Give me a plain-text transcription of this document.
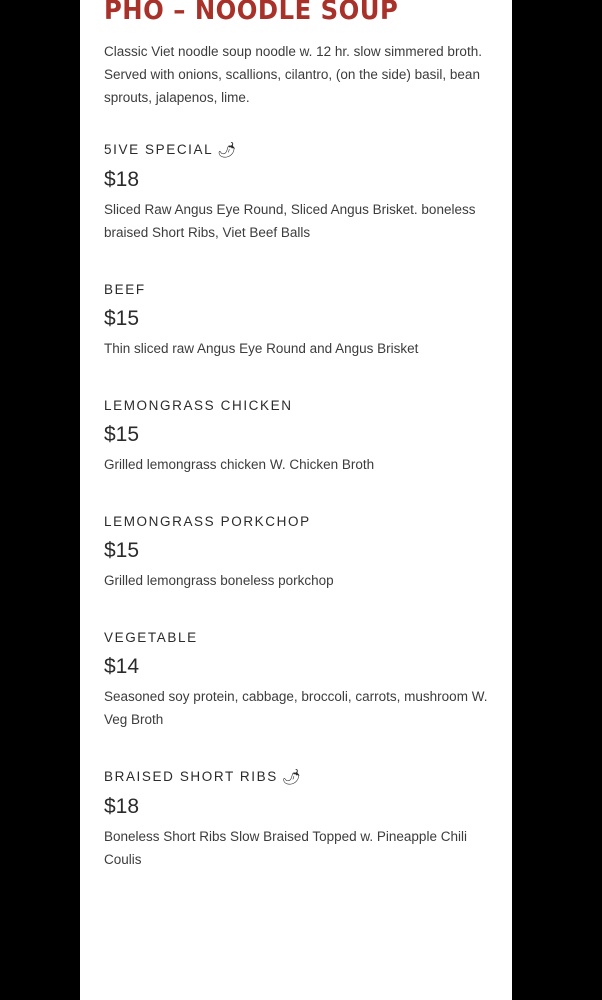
PHO – NOODLE SOUP

Classic Viet noodle soup noodle w. 12 hr. slow simmered broth. Served with onions, scallions, cilantro, (on the side) basil, bean sprouts, jalapenos, lime.

5IVE SPECIAL 🌶

$18

Sliced Raw Angus Eye Round, Sliced Angus Brisket. boneless braised Short Ribs, Viet Beef Balls

BEEF

$15

Thin sliced raw Angus Eye Round and Angus Brisket

LEMONGRASS CHICKEN

$15

Grilled lemongrass chicken W. Chicken Broth

LEMONGRASS PORKCHOP

$15

Grilled lemongrass boneless porkchop

VEGETABLE

$14

Seasoned soy protein, cabbage, broccoli, carrots, mushroom W. Veg Broth

BRAISED SHORT RIBS 🌶

$18

Boneless Short Ribs Slow Braised Topped w. Pineapple Chili Coulis
